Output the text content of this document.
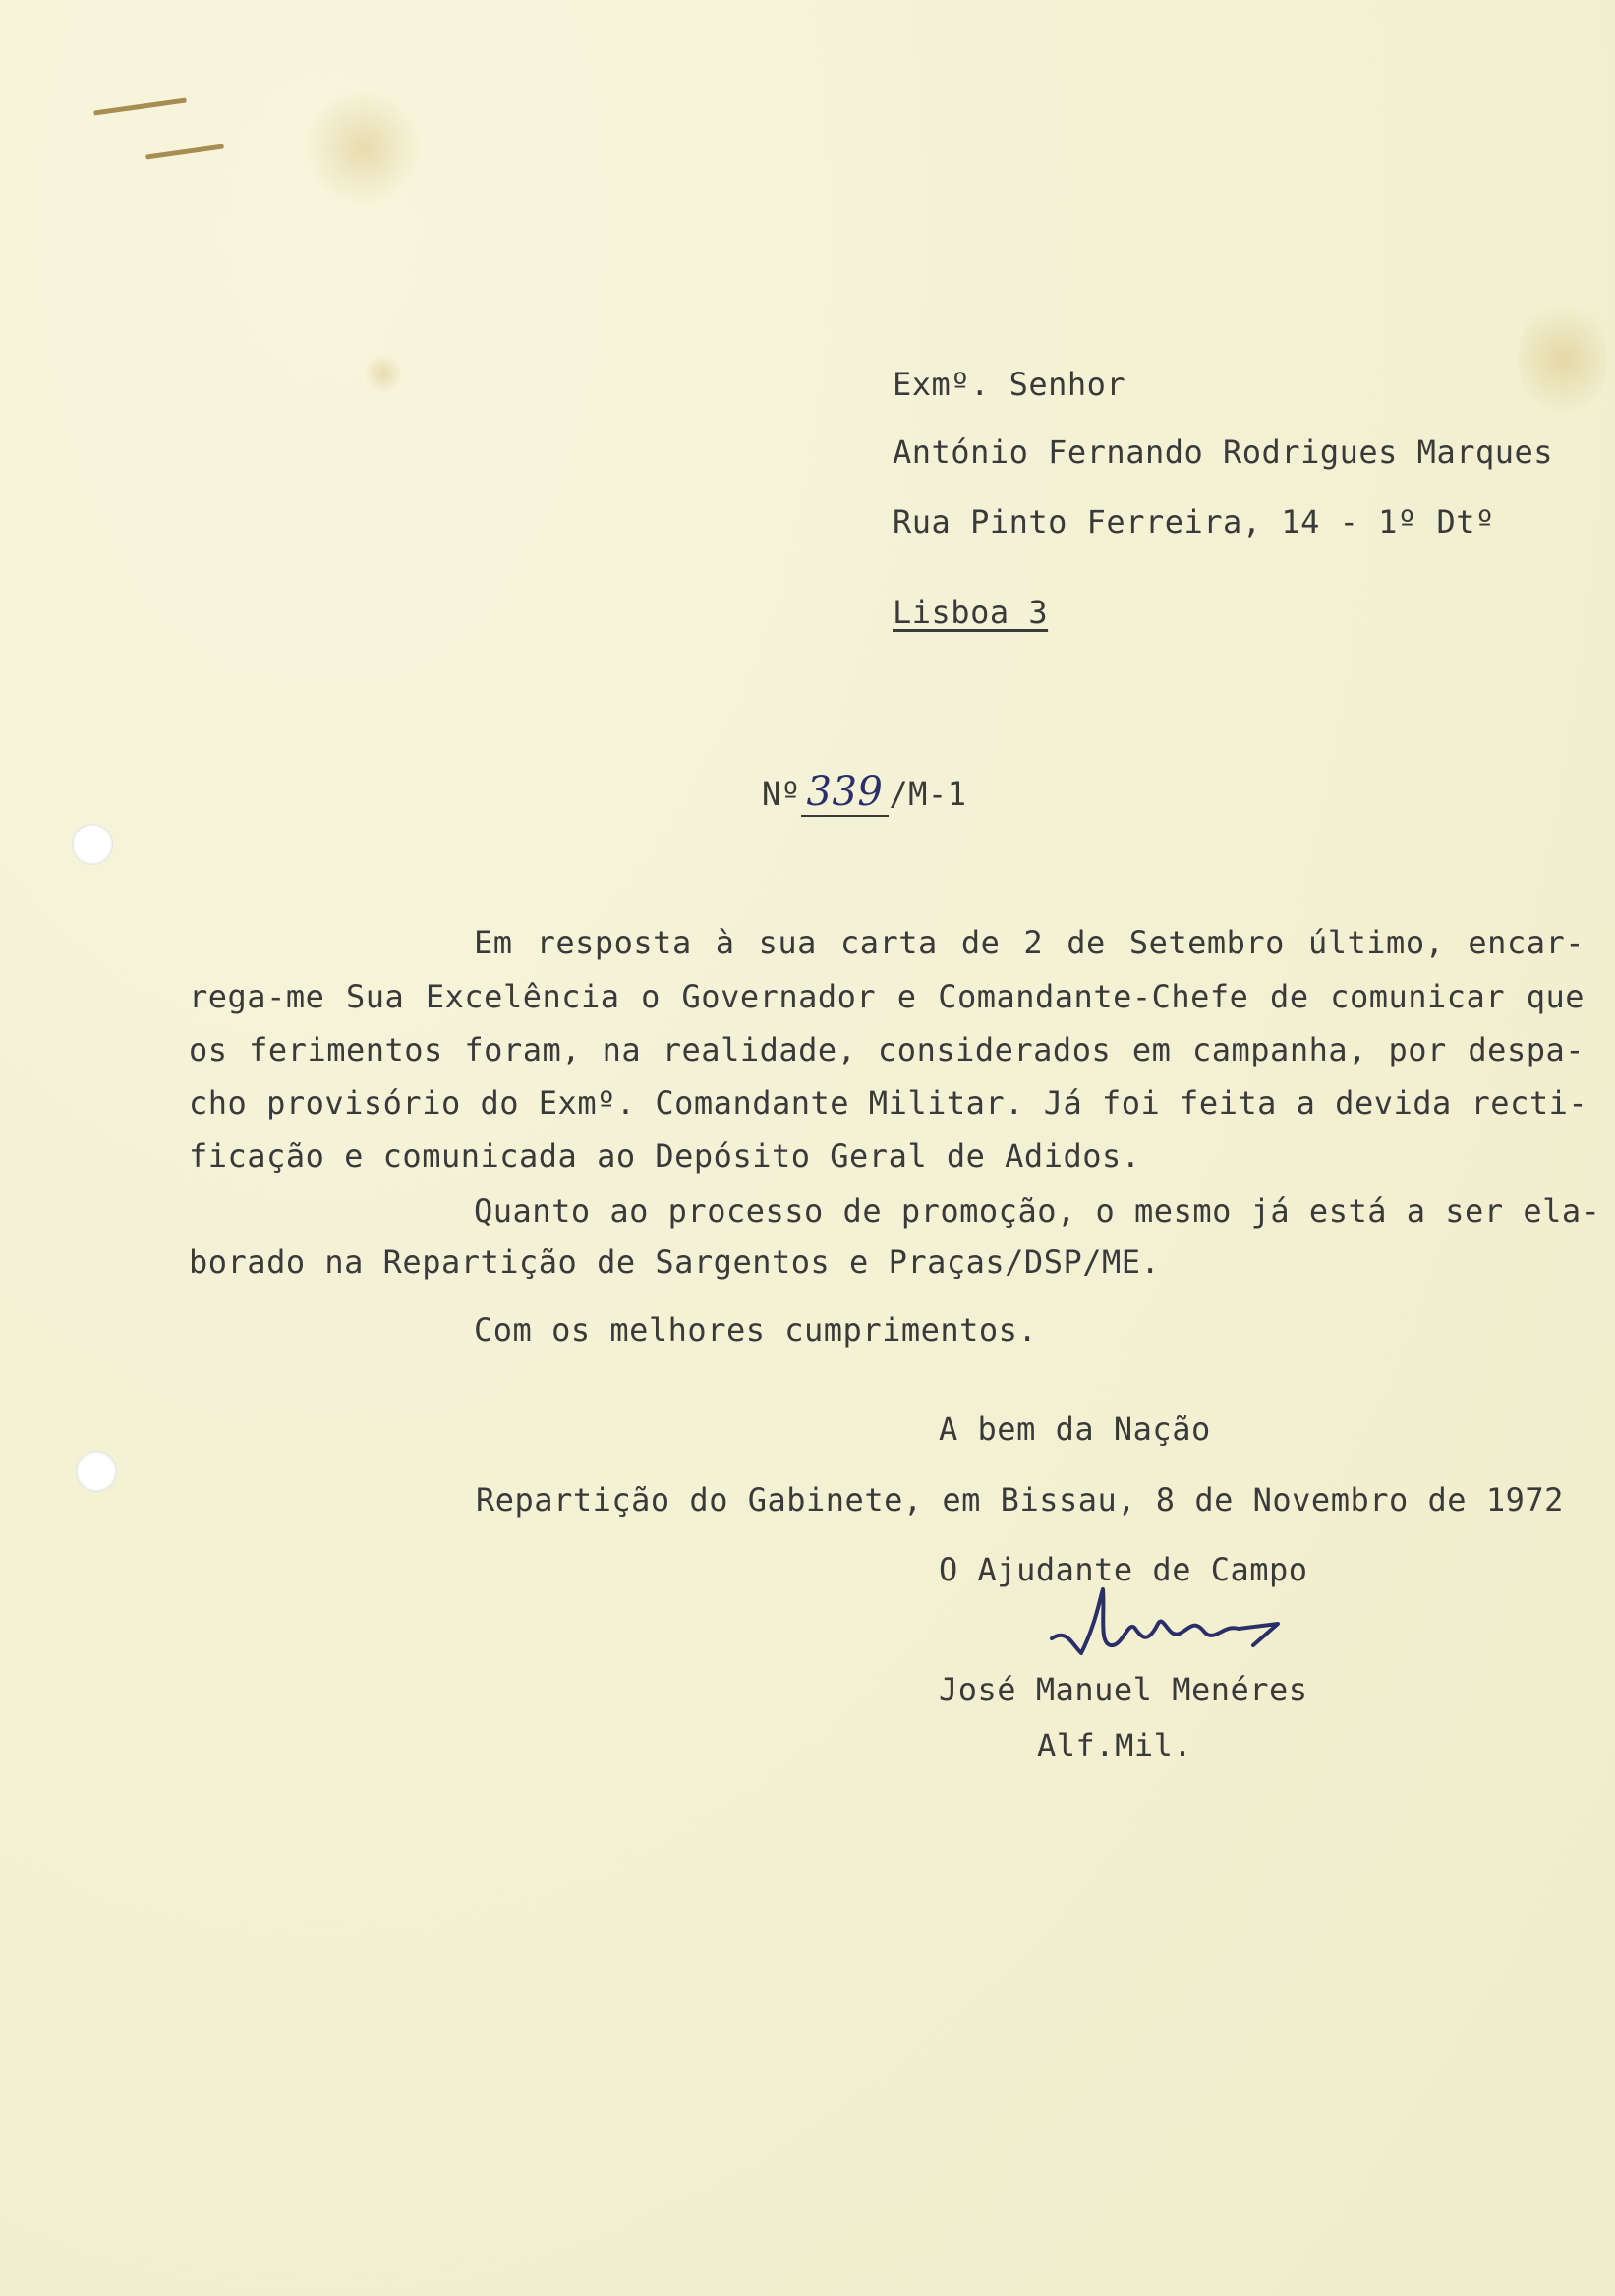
Exmº. Senhor
António Fernando Rodrigues Marques
Rua Pinto Ferreira, 14 - 1º Dtº
Lisboa 3
Nº 339 /M-1
Em resposta à sua carta de 2 de Setembro último, encar-
rega-me Sua Excelência o Governador e Comandante-Chefe de comunicar que
os ferimentos foram, na realidade, considerados em campanha, por despa-
cho provisório do Exmº. Comandante Militar. Já foi feita a devida recti-
ficação e comunicada ao Depósito Geral de Adidos.
Quanto ao processo de promoção, o mesmo já está a ser ela-
borado na Repartição de Sargentos e Praças/DSP/ME.
Com os melhores cumprimentos.
A bem da Nação
Repartição do Gabinete, em Bissau, 8 de Novembro de 1972
O Ajudante de Campo
José Manuel Menéres
Alf.Mil.
